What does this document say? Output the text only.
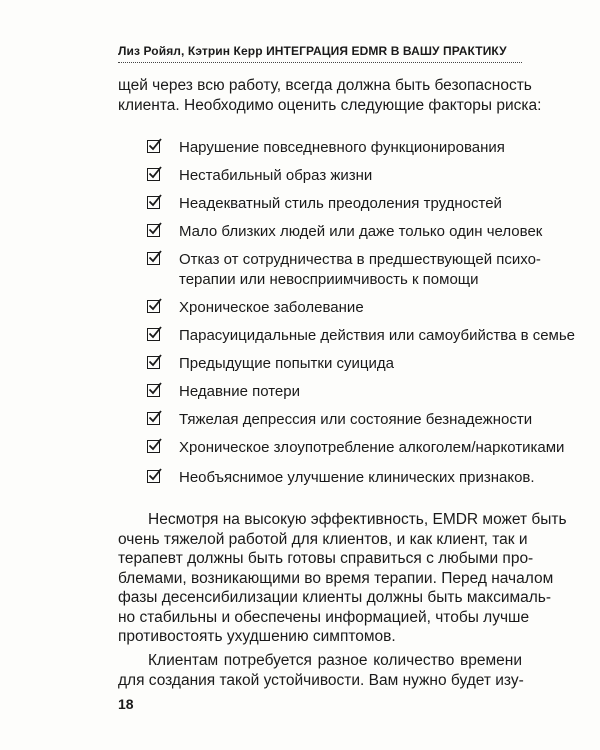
Лиз Ройял, Кэтрин Керр ИНТЕГРАЦИЯ EDMR В ВАШУ ПРАКТИКУ
щей через всю работу, всегда должна быть безопасность
клиента. Необходимо оценить следующие факторы риска:
Нарушение повседневного функционирования
Нестабильный образ жизни
Неадекватный стиль преодоления трудностей
Мало близких людей или даже только один человек
Отказ от сотрудничества в предшествующей психо-
терапии или невосприимчивость к помощи
Хроническое заболевание
Парасуицидальные действия или самоубийства в семье
Предыдущие попытки суицида
Недавние потери
Тяжелая депрессия или состояние безнадежности
Хроническое злоупотребление алкоголем/наркотиками
Необъяснимое улучшение клинических признаков.
Несмотря на высокую эффективность, EMDR может быть
очень тяжелой работой для клиентов, и как клиент, так и
терапевт должны быть готовы справиться с любыми про-
блемами, возникающими во время терапии. Перед началом
фазы десенсибилизации клиенты должны быть максималь-
но стабильны и обеспечены информацией, чтобы лучше
противостоять ухудшению симптомов.
Клиентам потребуется разное количество времени
для создания такой устойчивости. Вам нужно будет изу-
18
